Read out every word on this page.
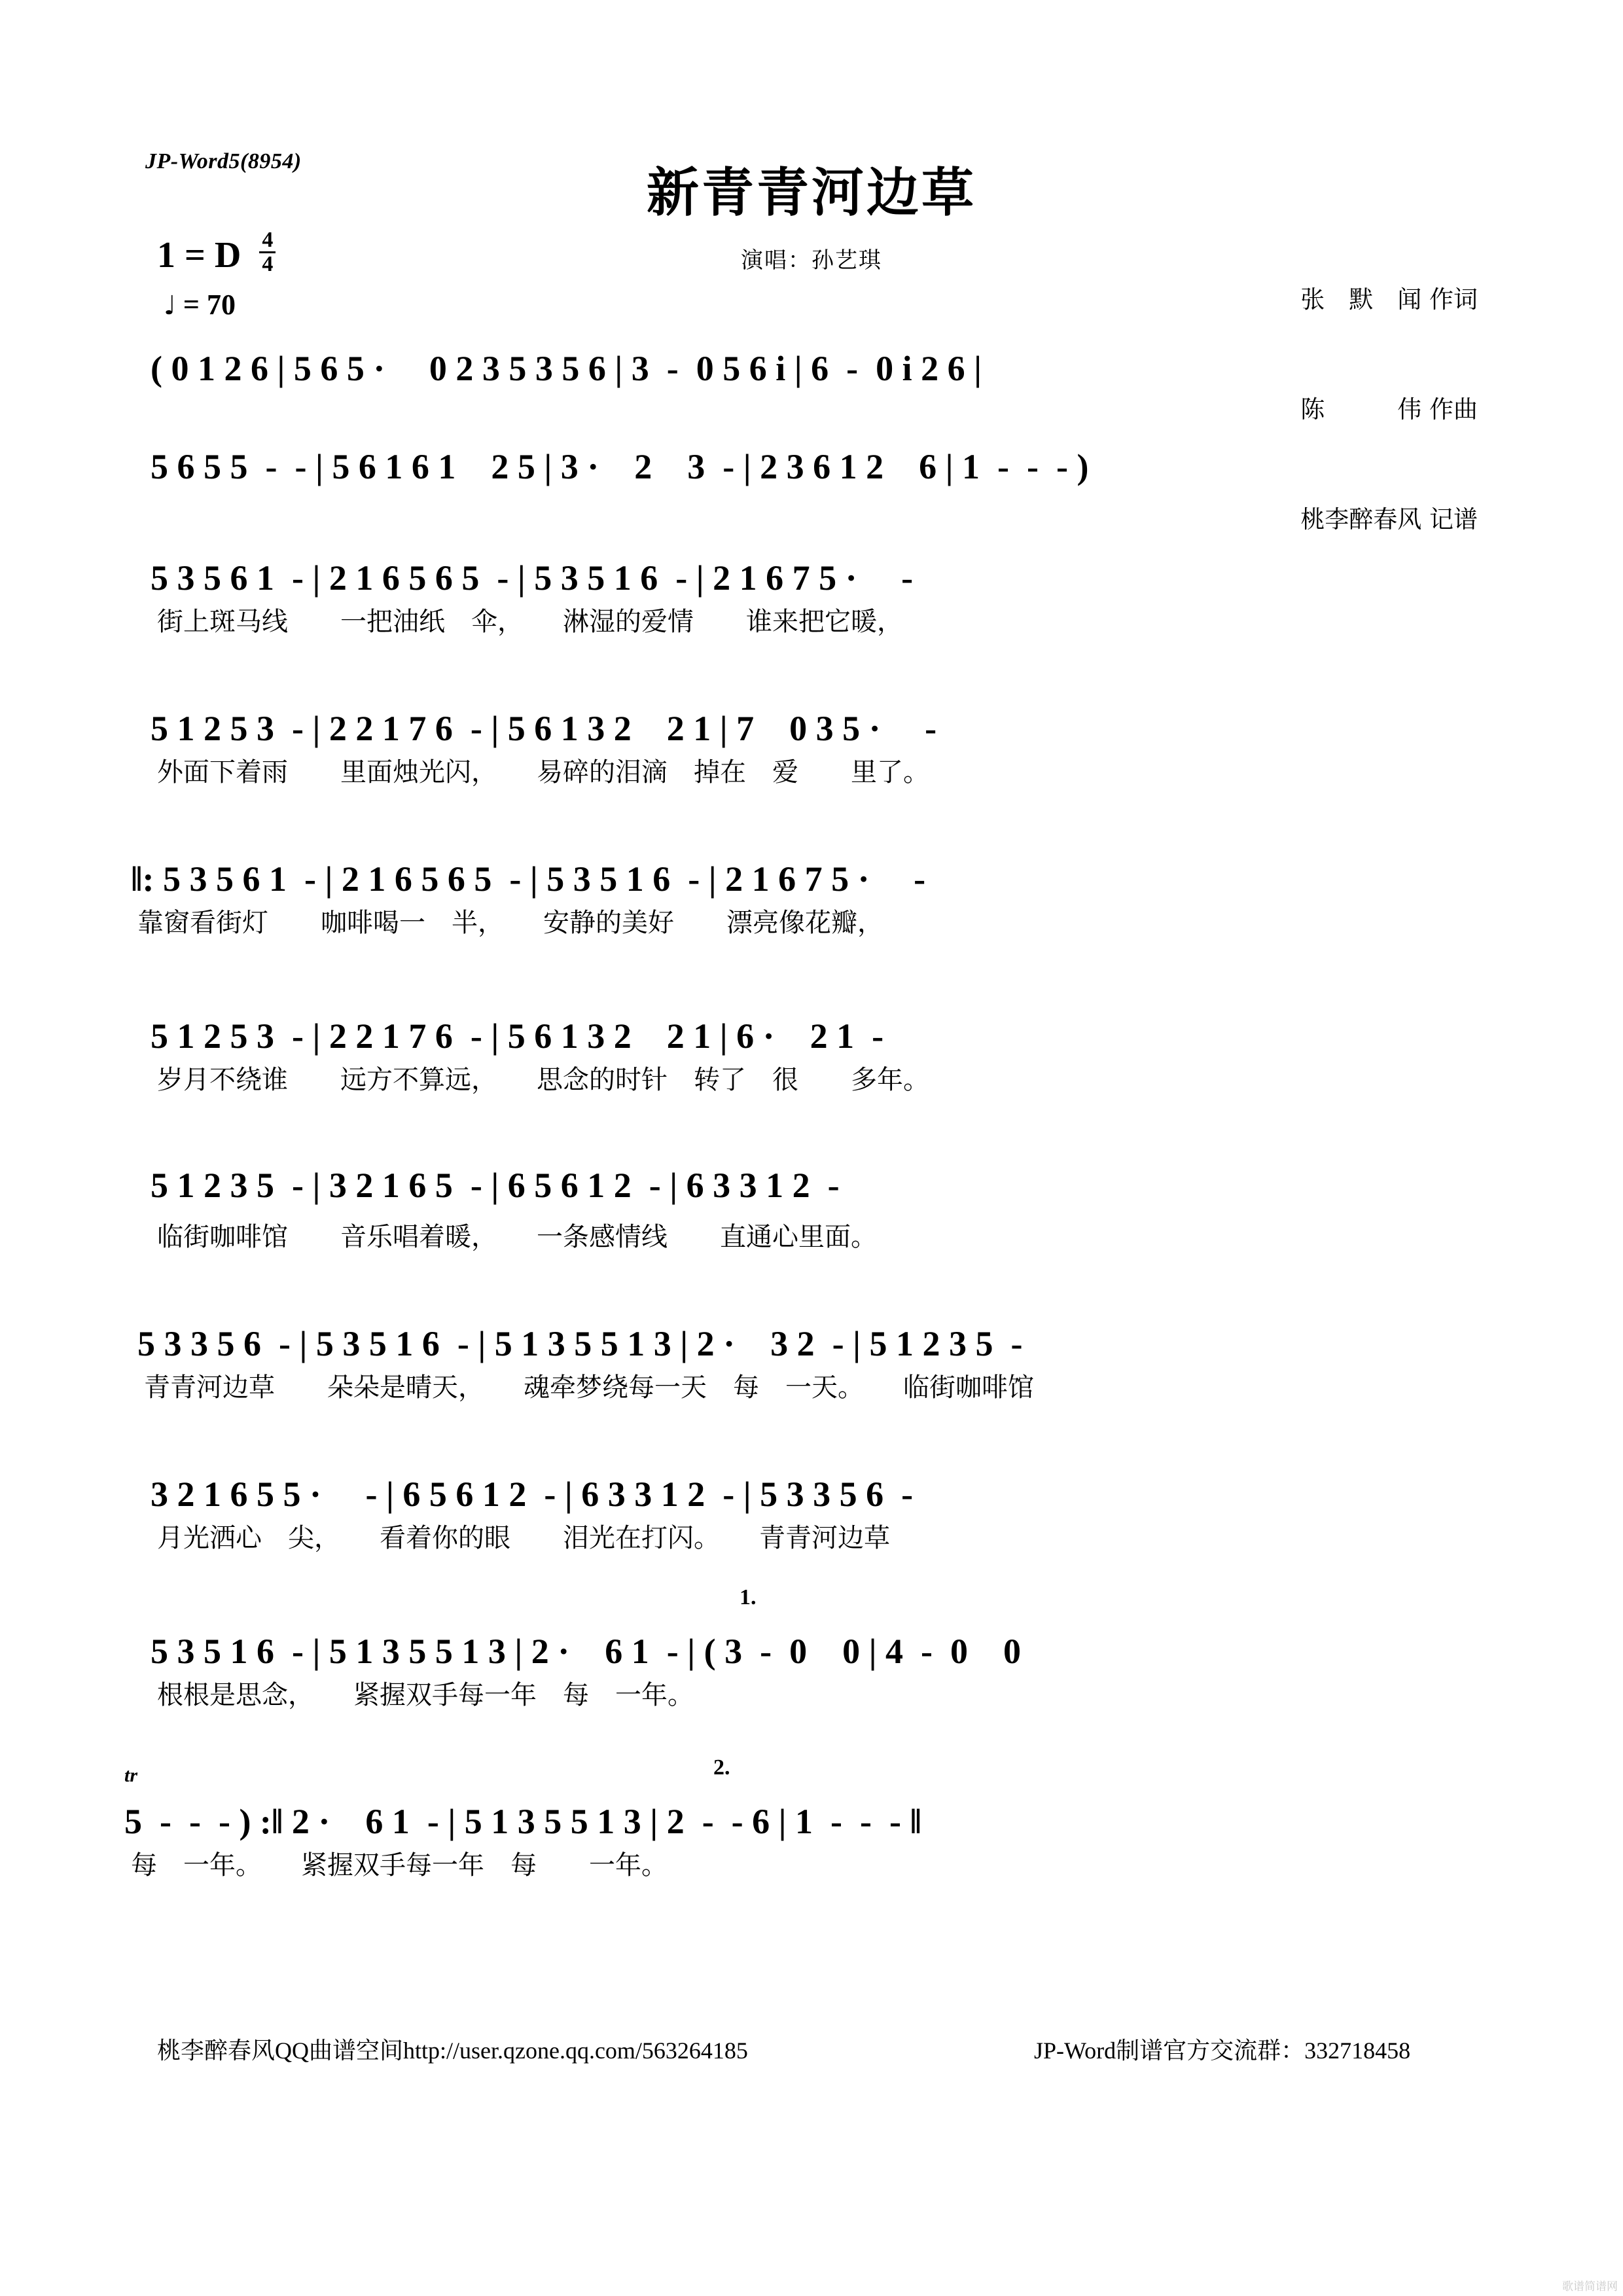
JP-Word5(8954)
新青青河边草
演唱：孙艺琪

张　默　闻 作词

陈　　　伟 作曲

桃李醉春风 记谱

1 = D $\frac{4}{4}$
♩ = 70
( 0 1 2 6 | 5 6 5 ·　 0 2 3 5 3 5 6 | 3  -  0 5 6 i | 6  -  0 i 2 6 |
5 6 5 5  -  - | 5 6 1 6 1　2 5 | 3 ·　2　3  - | 2 3 6 1 2　6 | 1  -  -  - )
5 3 5 6 1  - | 2 1 6 5 6 5  - | 5 3 5 1 6  - | 2 1 6 7 5 ·　 -
街上斑马线　　一把油纸　伞，　　淋湿的爱情　　谁来把它暖，
5 1 2 5 3  - | 2 2 1 7 6  - | 5 6 1 3 2　2 1 | 7　0 3 5 ·　 -
外面下着雨　　里面烛光闪，　　易碎的泪滴　掉在　爱　　里了。
‖: 5 3 5 6 1  - | 2 1 6 5 6 5  - | 5 3 5 1 6  - | 2 1 6 7 5 ·　 -
靠窗看街灯　　咖啡喝一　半，　　安静的美好　　漂亮像花瓣，
5 1 2 5 3  - | 2 2 1 7 6  - | 5 6 1 3 2　2 1 | 6 ·　2 1  -
岁月不绕谁　　远方不算远，　　思念的时针　转了　很　　多年。
5 1 2 3 5  - | 3 2 1 6 5  - | 6 5 6 1 2  - | 6 3 3 1 2  -
临街咖啡馆　　音乐唱着暖，　　一条感情线　　直通心里面。
5 3 3 5 6  - | 5 3 5 1 6  - | 5 1 3 5 5 1 3 | 2 ·　3 2  - | 5 1 2 3 5  -
青青河边草　　朵朵是晴天，　　魂牵梦绕每一天　每　一天。　　临街咖啡馆
3 2 1 6 5 5 ·　 - | 6 5 6 1 2  - | 6 3 3 1 2  - | 5 3 3 5 6  -
月光洒心　尖，　　看着你的眼　　泪光在打闪。　　青青河边草
1.
5 3 5 1 6  - | 5 1 3 5 5 1 3 | 2 ·　6 1  - | ( 3  -  0　0 | 4  -  0　0
根根是思念，　　紧握双手每一年　每　一年。
2.
tr
5  -  -  - ) :‖ 2 ·　6 1  - | 5 1 3 5 5 1 3 | 2  -  - 6 | 1  -  -  - ‖
每　一年。　　紧握双手每一年　每　　一年。
桃李醉春风QQ曲谱空间http://user.qzone.qq.com/563264185	JP-Word制谱官方交流群：332718458
歌谱简谱网
